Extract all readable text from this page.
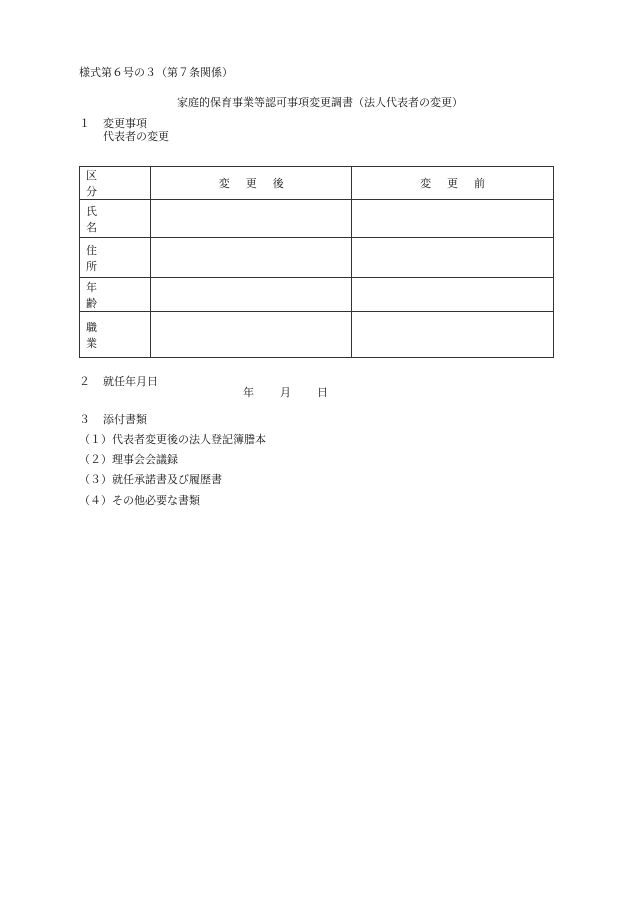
様式第６号の３（第７条関係）
家庭的保育事業等認可事項変更調書（法人代表者の変更）
１ 変更事項
代表者の変更
区分	変更後	変更前
氏名		
住所		
年齢		
職業		
２ 就任年月日
年 月 日
３ 添付書類
（１）代表者変更後の法人登記簿謄本
（２）理事会会議録
（３）就任承諾書及び履歴書
（４）その他必要な書類
